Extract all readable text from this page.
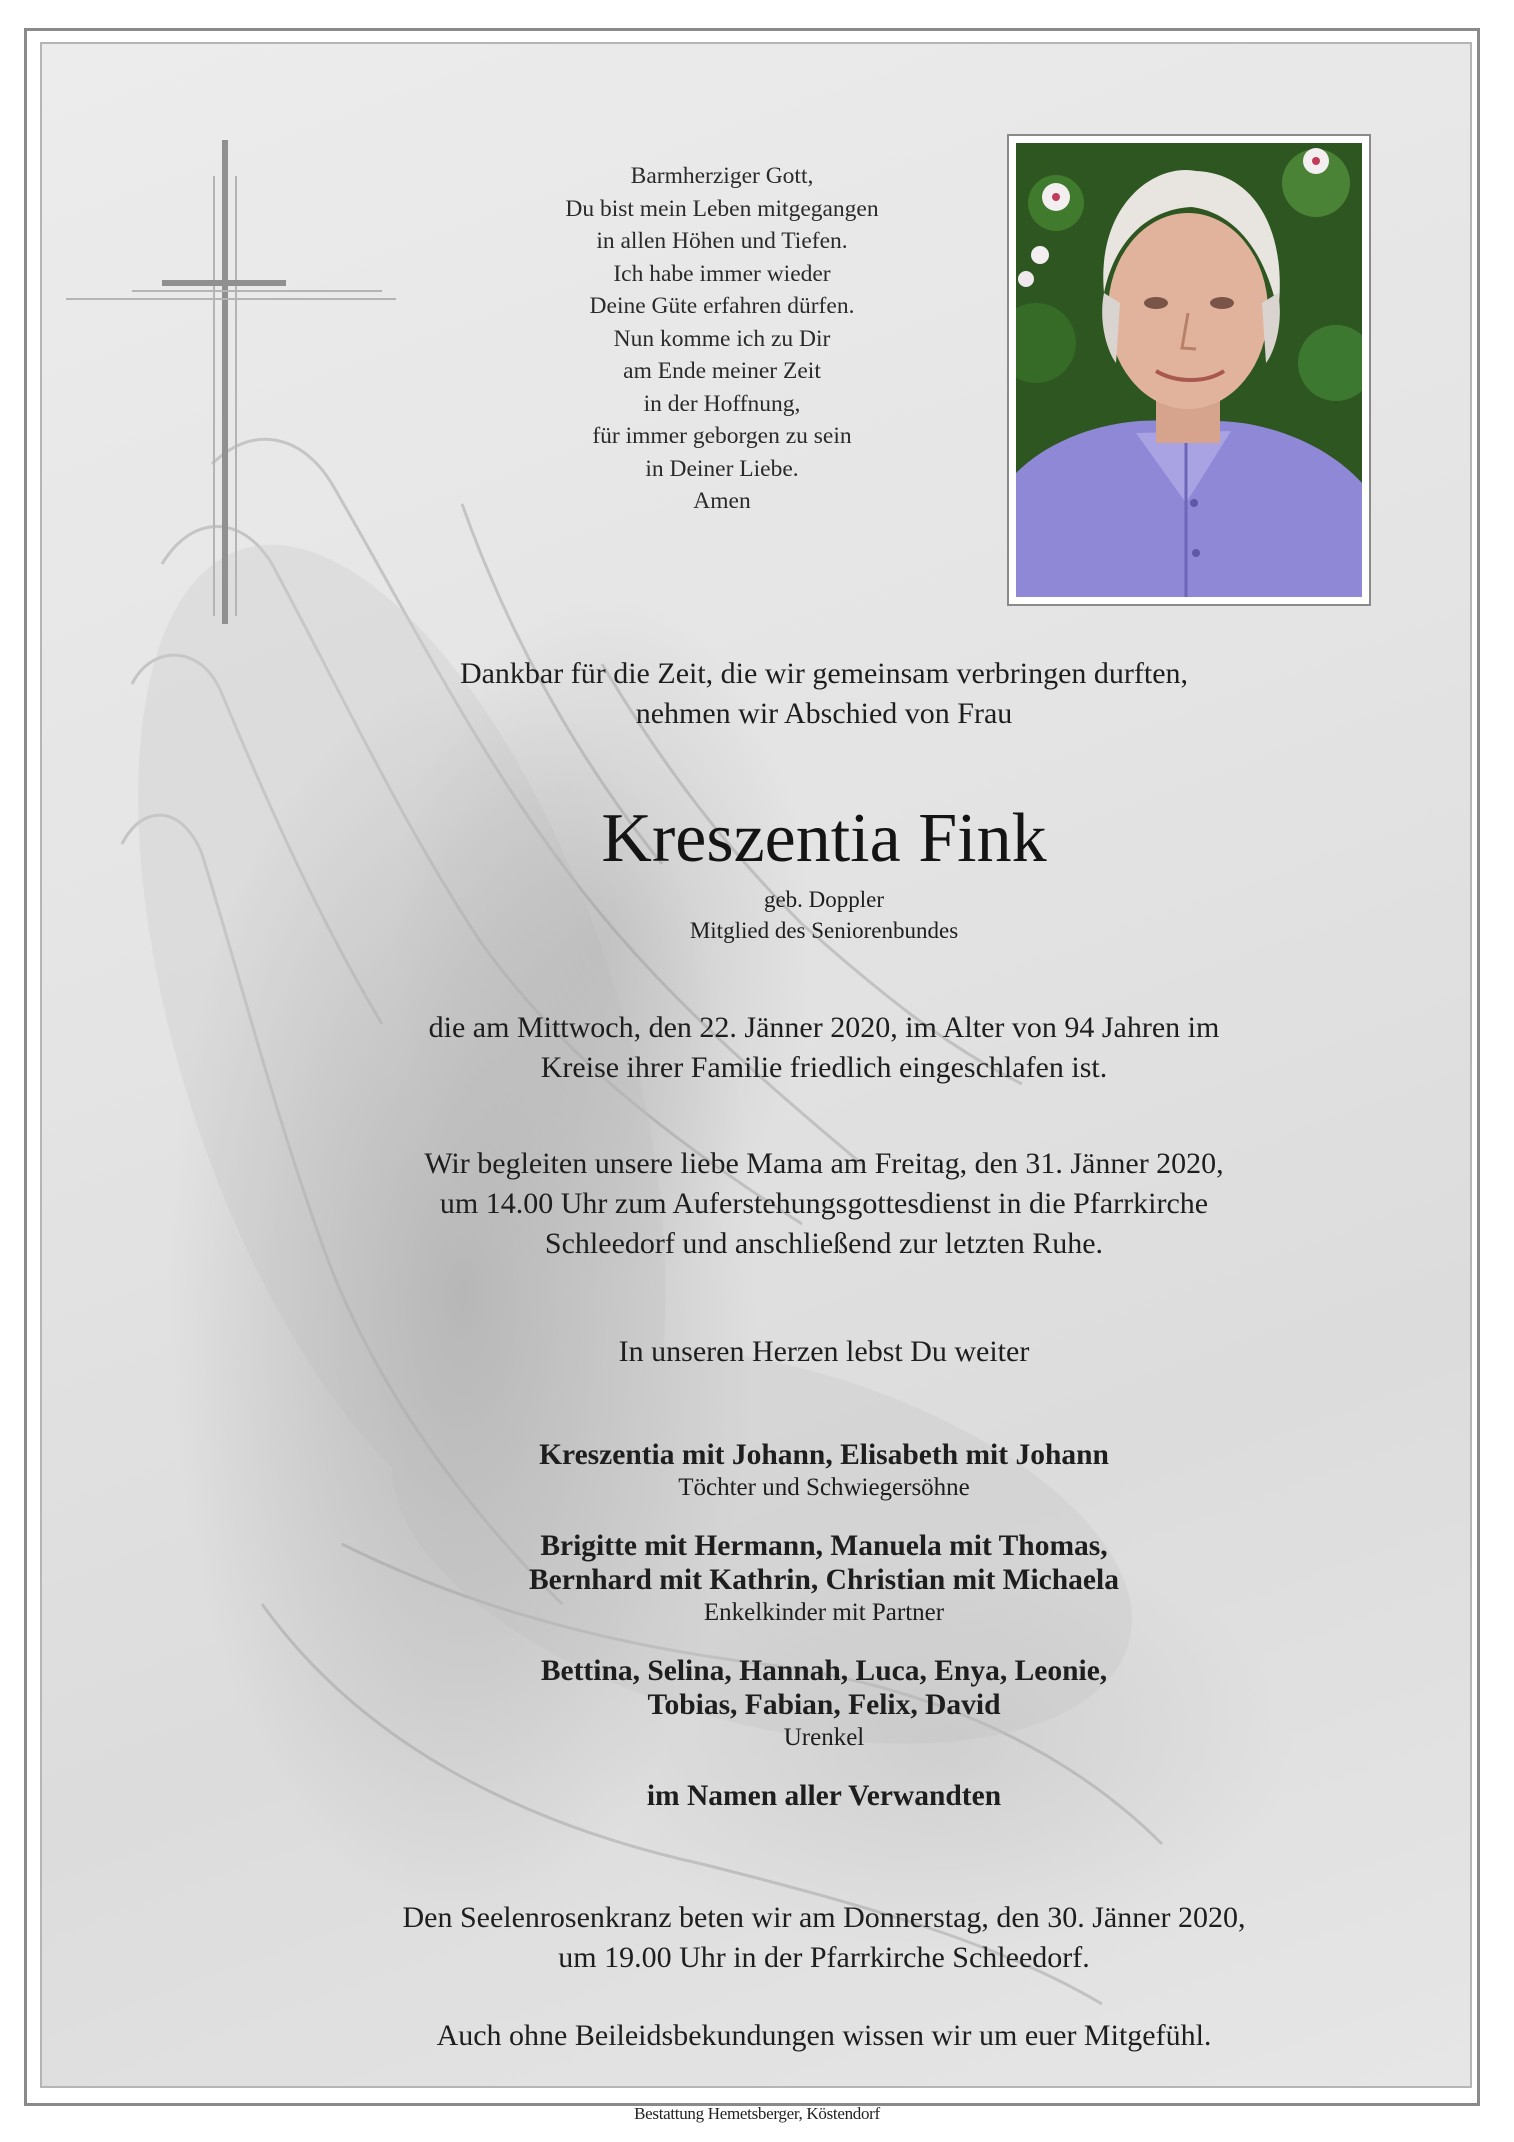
Barmherziger Gott,
Du bist mein Leben mitgegangen
in allen Höhen und Tiefen.
Ich habe immer wieder
Deine Güte erfahren dürfen.
Nun komme ich zu Dir
am Ende meiner Zeit
in der Hoffnung,
für immer geborgen zu sein
in Deiner Liebe.
Amen
Dankbar für die Zeit, die wir gemeinsam verbringen durften,
nehmen wir Abschied von Frau
Kreszentia Fink
geb. Doppler
Mitglied des Seniorenbundes
die am Mittwoch, den 22. Jänner 2020, im Alter von 94 Jahren im
Kreise ihrer Familie friedlich eingeschlafen ist.
Wir begleiten unsere liebe Mama am Freitag, den 31. Jänner 2020,
um 14.00 Uhr zum Auferstehungsgottesdienst in die Pfarrkirche
Schleedorf und anschließend zur letzten Ruhe.
In unseren Herzen lebst Du weiter
Kreszentia mit Johann, Elisabeth mit Johann
Töchter und Schwiegersöhne
Brigitte mit Hermann, Manuela mit Thomas,
Bernhard mit Kathrin, Christian mit Michaela
Enkelkinder mit Partner
Bettina, Selina, Hannah, Luca, Enya, Leonie,
Tobias, Fabian, Felix, David
Urenkel
im Namen aller Verwandten
Den Seelenrosenkranz beten wir am Donnerstag, den 30. Jänner 2020,
um 19.00 Uhr in der Pfarrkirche Schleedorf.
Auch ohne Beileidsbekundungen wissen wir um euer Mitgefühl.
Bestattung Hemetsberger, Köstendorf
